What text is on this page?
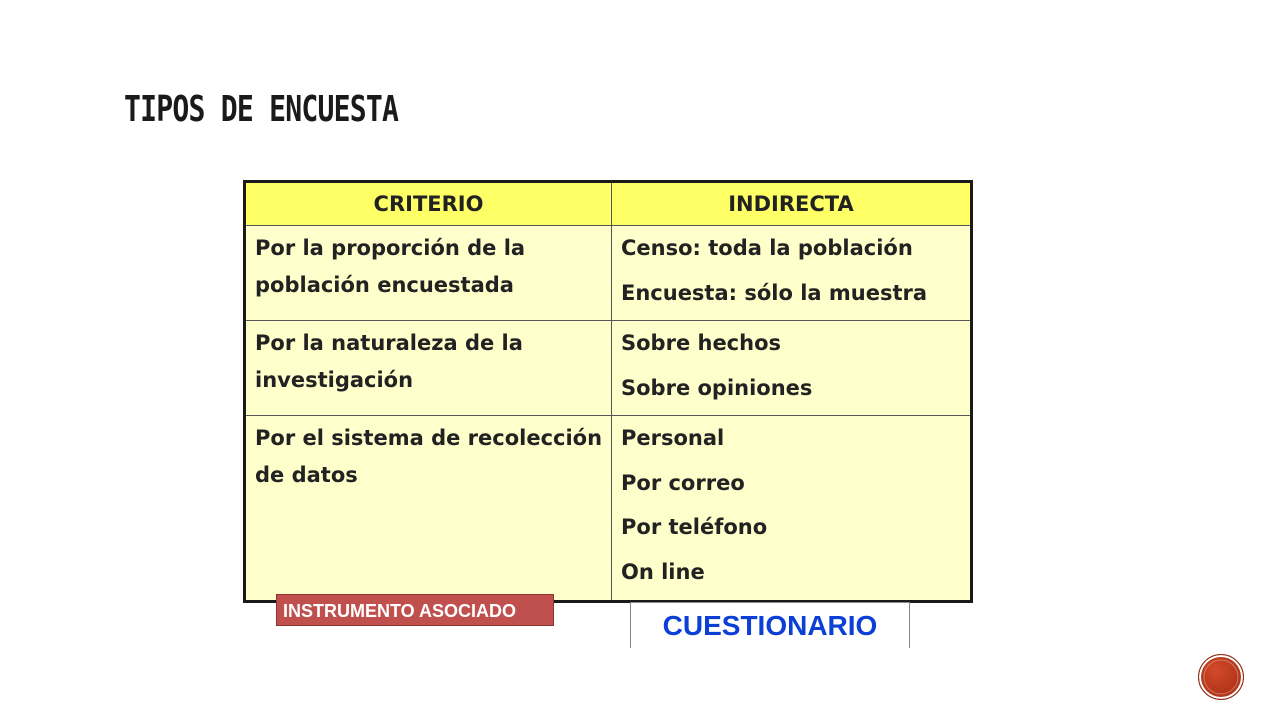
TIPOS DE ENCUESTA
CRITERIO	INDIRECTA
Por la proporción de la población encuestada	Censo: toda la población
Encuesta: sólo la muestra

Por la naturaleza de la investigación	Sobre hechos
Sobre opiniones

Por el sistema de recolección de datos	Personal
Por correo
Por teléfono
On line
INSTRUMENTO ASOCIADO	CUESTIONARIO
